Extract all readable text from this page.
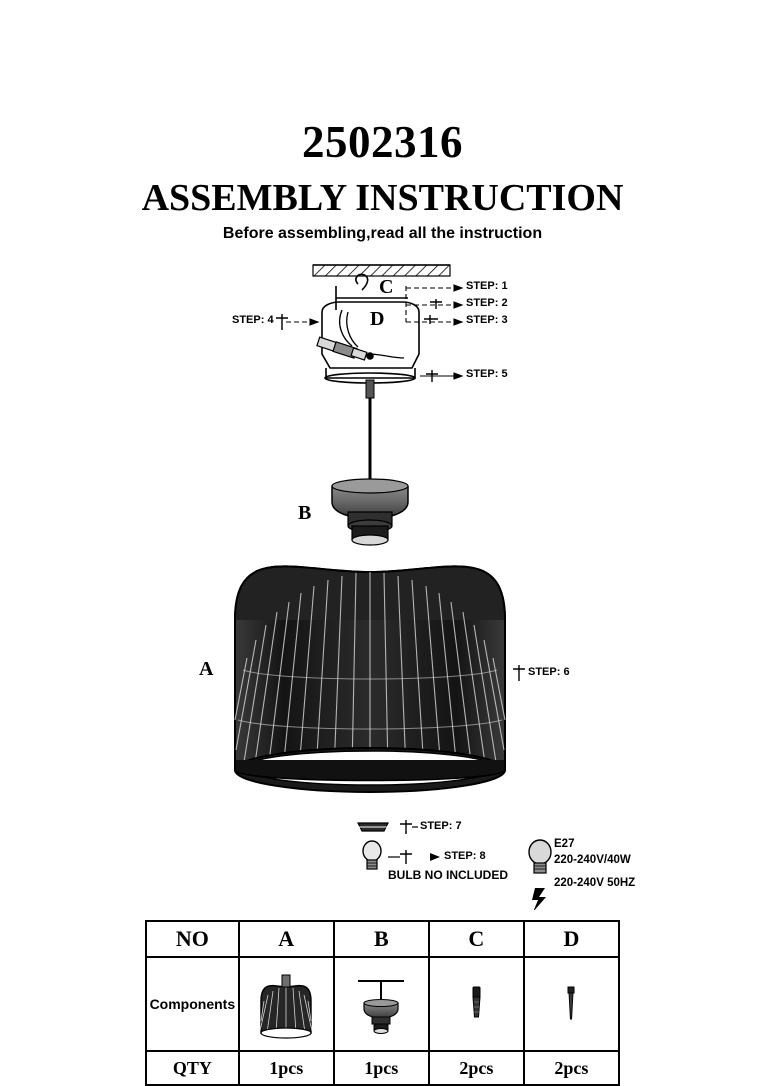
2502316
ASSEMBLY INSTRUCTION
Before assembling,read all the instruction
STEP: 1
STEP: 2
STEP: 3
STEP: 4
STEP: 5
STEP: 6
STEP: 7
STEP: 8
C
D
B
A
BULB NO INCLUDED
E27
220-240V/40W
220-240V 50HZ
NO	A	B	C	D
Components	

QTY	1pcs	1pcs	2pcs	2pcs
